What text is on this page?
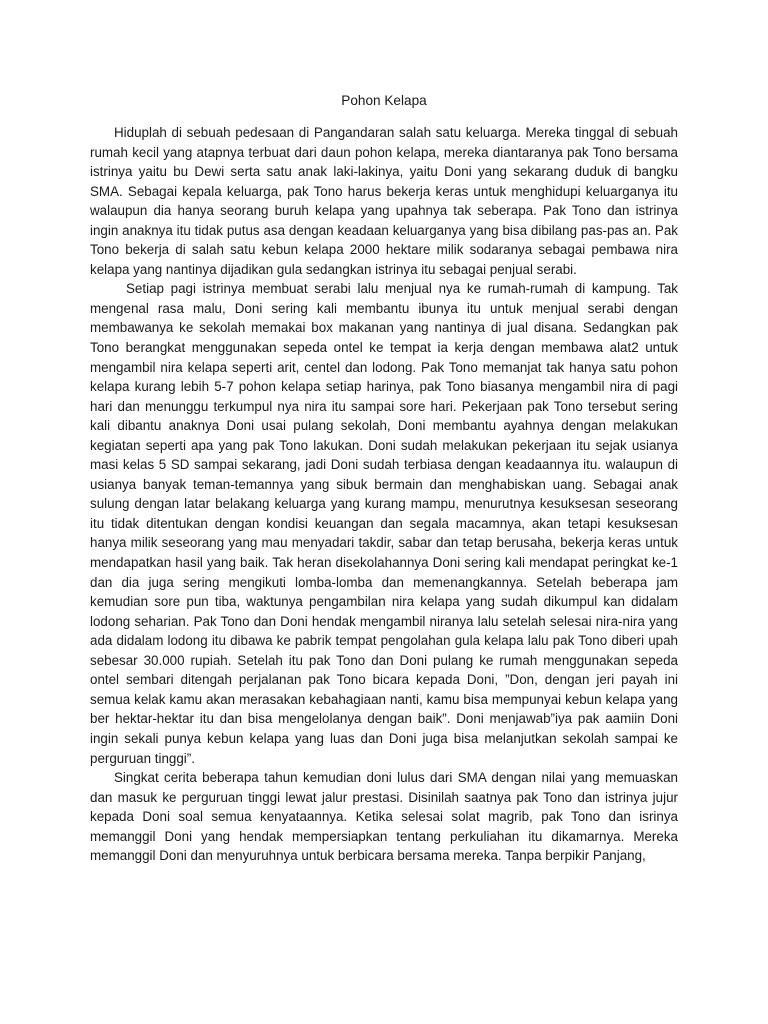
Pohon Kelapa

Hiduplah di sebuah pedesaan di Pangandaran salah satu keluarga. Mereka tinggal di sebuah rumah kecil yang atapnya terbuat dari daun pohon kelapa, mereka diantaranya pak Tono bersama istrinya yaitu bu Dewi serta satu anak laki-lakinya, yaitu Doni yang sekarang duduk di bangku SMA. Sebagai kepala keluarga, pak Tono harus bekerja keras untuk menghidupi keluarganya itu walaupun dia hanya seorang buruh kelapa yang upahnya tak seberapa. Pak Tono dan istrinya ingin anaknya itu tidak putus asa dengan keadaan keluarganya yang bisa dibilang pas-pas an. Pak Tono bekerja di salah satu kebun kelapa 2000 hektare milik sodaranya sebagai pembawa nira kelapa yang nantinya dijadikan gula sedangkan istrinya itu sebagai penjual serabi.

Setiap pagi istrinya membuat serabi lalu menjual nya ke rumah-rumah di kampung. Tak mengenal rasa malu, Doni sering kali membantu ibunya itu untuk menjual serabi dengan membawanya ke sekolah memakai box makanan yang nantinya di jual disana. Sedangkan pak Tono berangkat menggunakan sepeda ontel ke tempat ia kerja dengan membawa alat2 untuk mengambil nira kelapa seperti arit, centel dan lodong. Pak Tono memanjat tak hanya satu pohon kelapa kurang lebih 5-7 pohon kelapa setiap harinya, pak Tono biasanya mengambil nira di pagi hari dan menunggu terkumpul nya nira itu sampai sore hari. Pekerjaan pak Tono tersebut sering kali dibantu anaknya Doni usai pulang sekolah, Doni membantu ayahnya dengan melakukan kegiatan seperti apa yang pak Tono lakukan. Doni sudah melakukan pekerjaan itu sejak usianya masi kelas 5 SD sampai sekarang, jadi Doni sudah terbiasa dengan keadaannya itu. walaupun di usianya banyak teman-temannya yang sibuk bermain dan menghabiskan uang. Sebagai anak sulung dengan latar belakang keluarga yang kurang mampu, menurutnya kesuksesan seseorang itu tidak ditentukan dengan kondisi keuangan dan segala macamnya, akan tetapi kesuksesan hanya milik seseorang yang mau menyadari takdir, sabar dan tetap berusaha, bekerja keras untuk mendapatkan hasil yang baik. Tak heran disekolahannya Doni sering kali mendapat peringkat ke-1 dan dia juga sering mengikuti lomba-lomba dan memenangkannya. Setelah beberapa jam kemudian sore pun tiba, waktunya pengambilan nira kelapa yang sudah dikumpul kan didalam lodong seharian. Pak Tono dan Doni hendak mengambil niranya lalu setelah selesai nira-nira yang ada didalam lodong itu dibawa ke pabrik tempat pengolahan gula kelapa lalu pak Tono diberi upah sebesar 30.000 rupiah. Setelah itu pak Tono dan Doni pulang ke rumah menggunakan sepeda ontel sembari ditengah perjalanan pak Tono bicara kepada Doni, ”Don, dengan jeri payah ini semua kelak kamu akan merasakan kebahagiaan nanti, kamu bisa mempunyai kebun kelapa yang ber hektar-hektar itu dan bisa mengelolanya dengan baik”. Doni menjawab”iya pak aamiin Doni ingin sekali punya kebun kelapa yang luas dan Doni juga bisa melanjutkan sekolah sampai ke perguruan tinggi”.

Singkat cerita beberapa tahun kemudian doni lulus dari SMA dengan nilai yang memuaskan dan masuk ke perguruan tinggi lewat jalur prestasi. Disinilah saatnya pak Tono dan istrinya jujur kepada Doni soal semua kenyataannya. Ketika selesai solat magrib, pak Tono dan isrinya memanggil Doni yang hendak mempersiapkan tentang perkuliahan itu dikamarnya. Mereka memanggil Doni dan menyuruhnya untuk berbicara bersama mereka. Tanpa berpikir Panjang,
